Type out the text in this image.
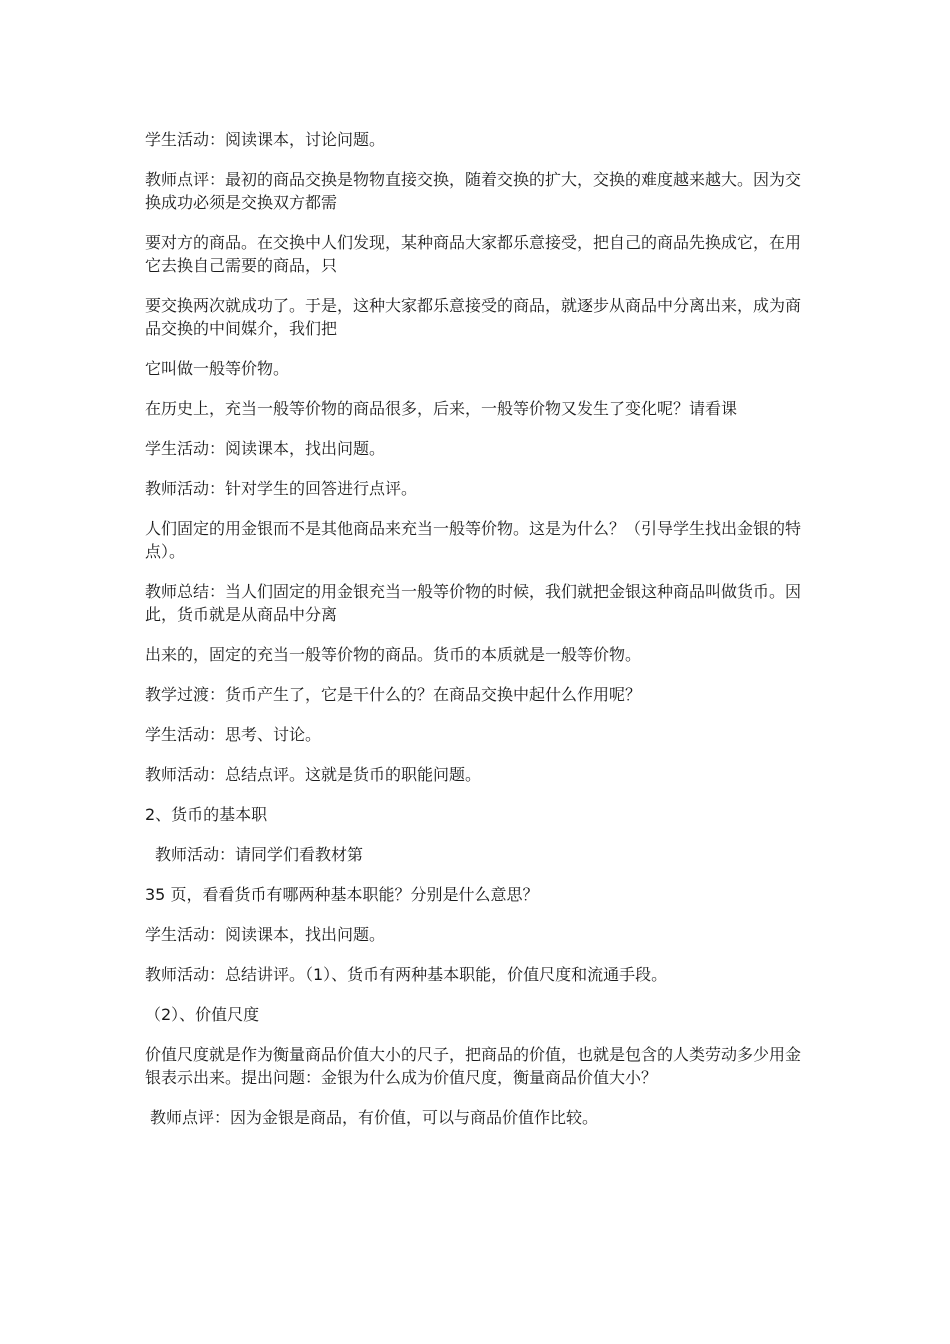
学生活动：阅读课本，讨论问题。

教师点评：最初的商品交换是物物直接交换，随着交换的扩大，交换的难度越来越大。因为交换成功必须是交换双方都需

要对方的商品。在交换中人们发现，某种商品大家都乐意接受，把自己的商品先换成它，在用它去换自己需要的商品，只

要交换两次就成功了。于是，这种大家都乐意接受的商品，就逐步从商品中分离出来，成为商品交换的中间媒介，我们把

它叫做一般等价物。

在历史上，充当一般等价物的商品很多，后来，一般等价物又发生了变化呢？请看课

学生活动：阅读课本，找出问题。

教师活动：针对学生的回答进行点评。

人们固定的用金银而不是其他商品来充当一般等价物。这是为什么？（引导学生找出金银的特点）。

教师总结：当人们固定的用金银充当一般等价物的时候，我们就把金银这种商品叫做货币。因此，货币就是从商品中分离

出来的，固定的充当一般等价物的商品。货币的本质就是一般等价物。

教学过渡：货币产生了，它是干什么的？在商品交换中起什么作用呢？

学生活动：思考、讨论。

教师活动：总结点评。这就是货币的职能问题。

2、货币的基本职

教师活动：请同学们看教材第

35 页，看看货币有哪两种基本职能？分别是什么意思？

学生活动：阅读课本，找出问题。

教师活动：总结讲评。（1）、货币有两种基本职能，价值尺度和流通手段。

（2）、价值尺度

价值尺度就是作为衡量商品价值大小的尺子，把商品的价值，也就是包含的人类劳动多少用金银表示出来。提出问题：金银为什么成为价值尺度，衡量商品价值大小？

教师点评：因为金银是商品，有价值，可以与商品价值作比较。
